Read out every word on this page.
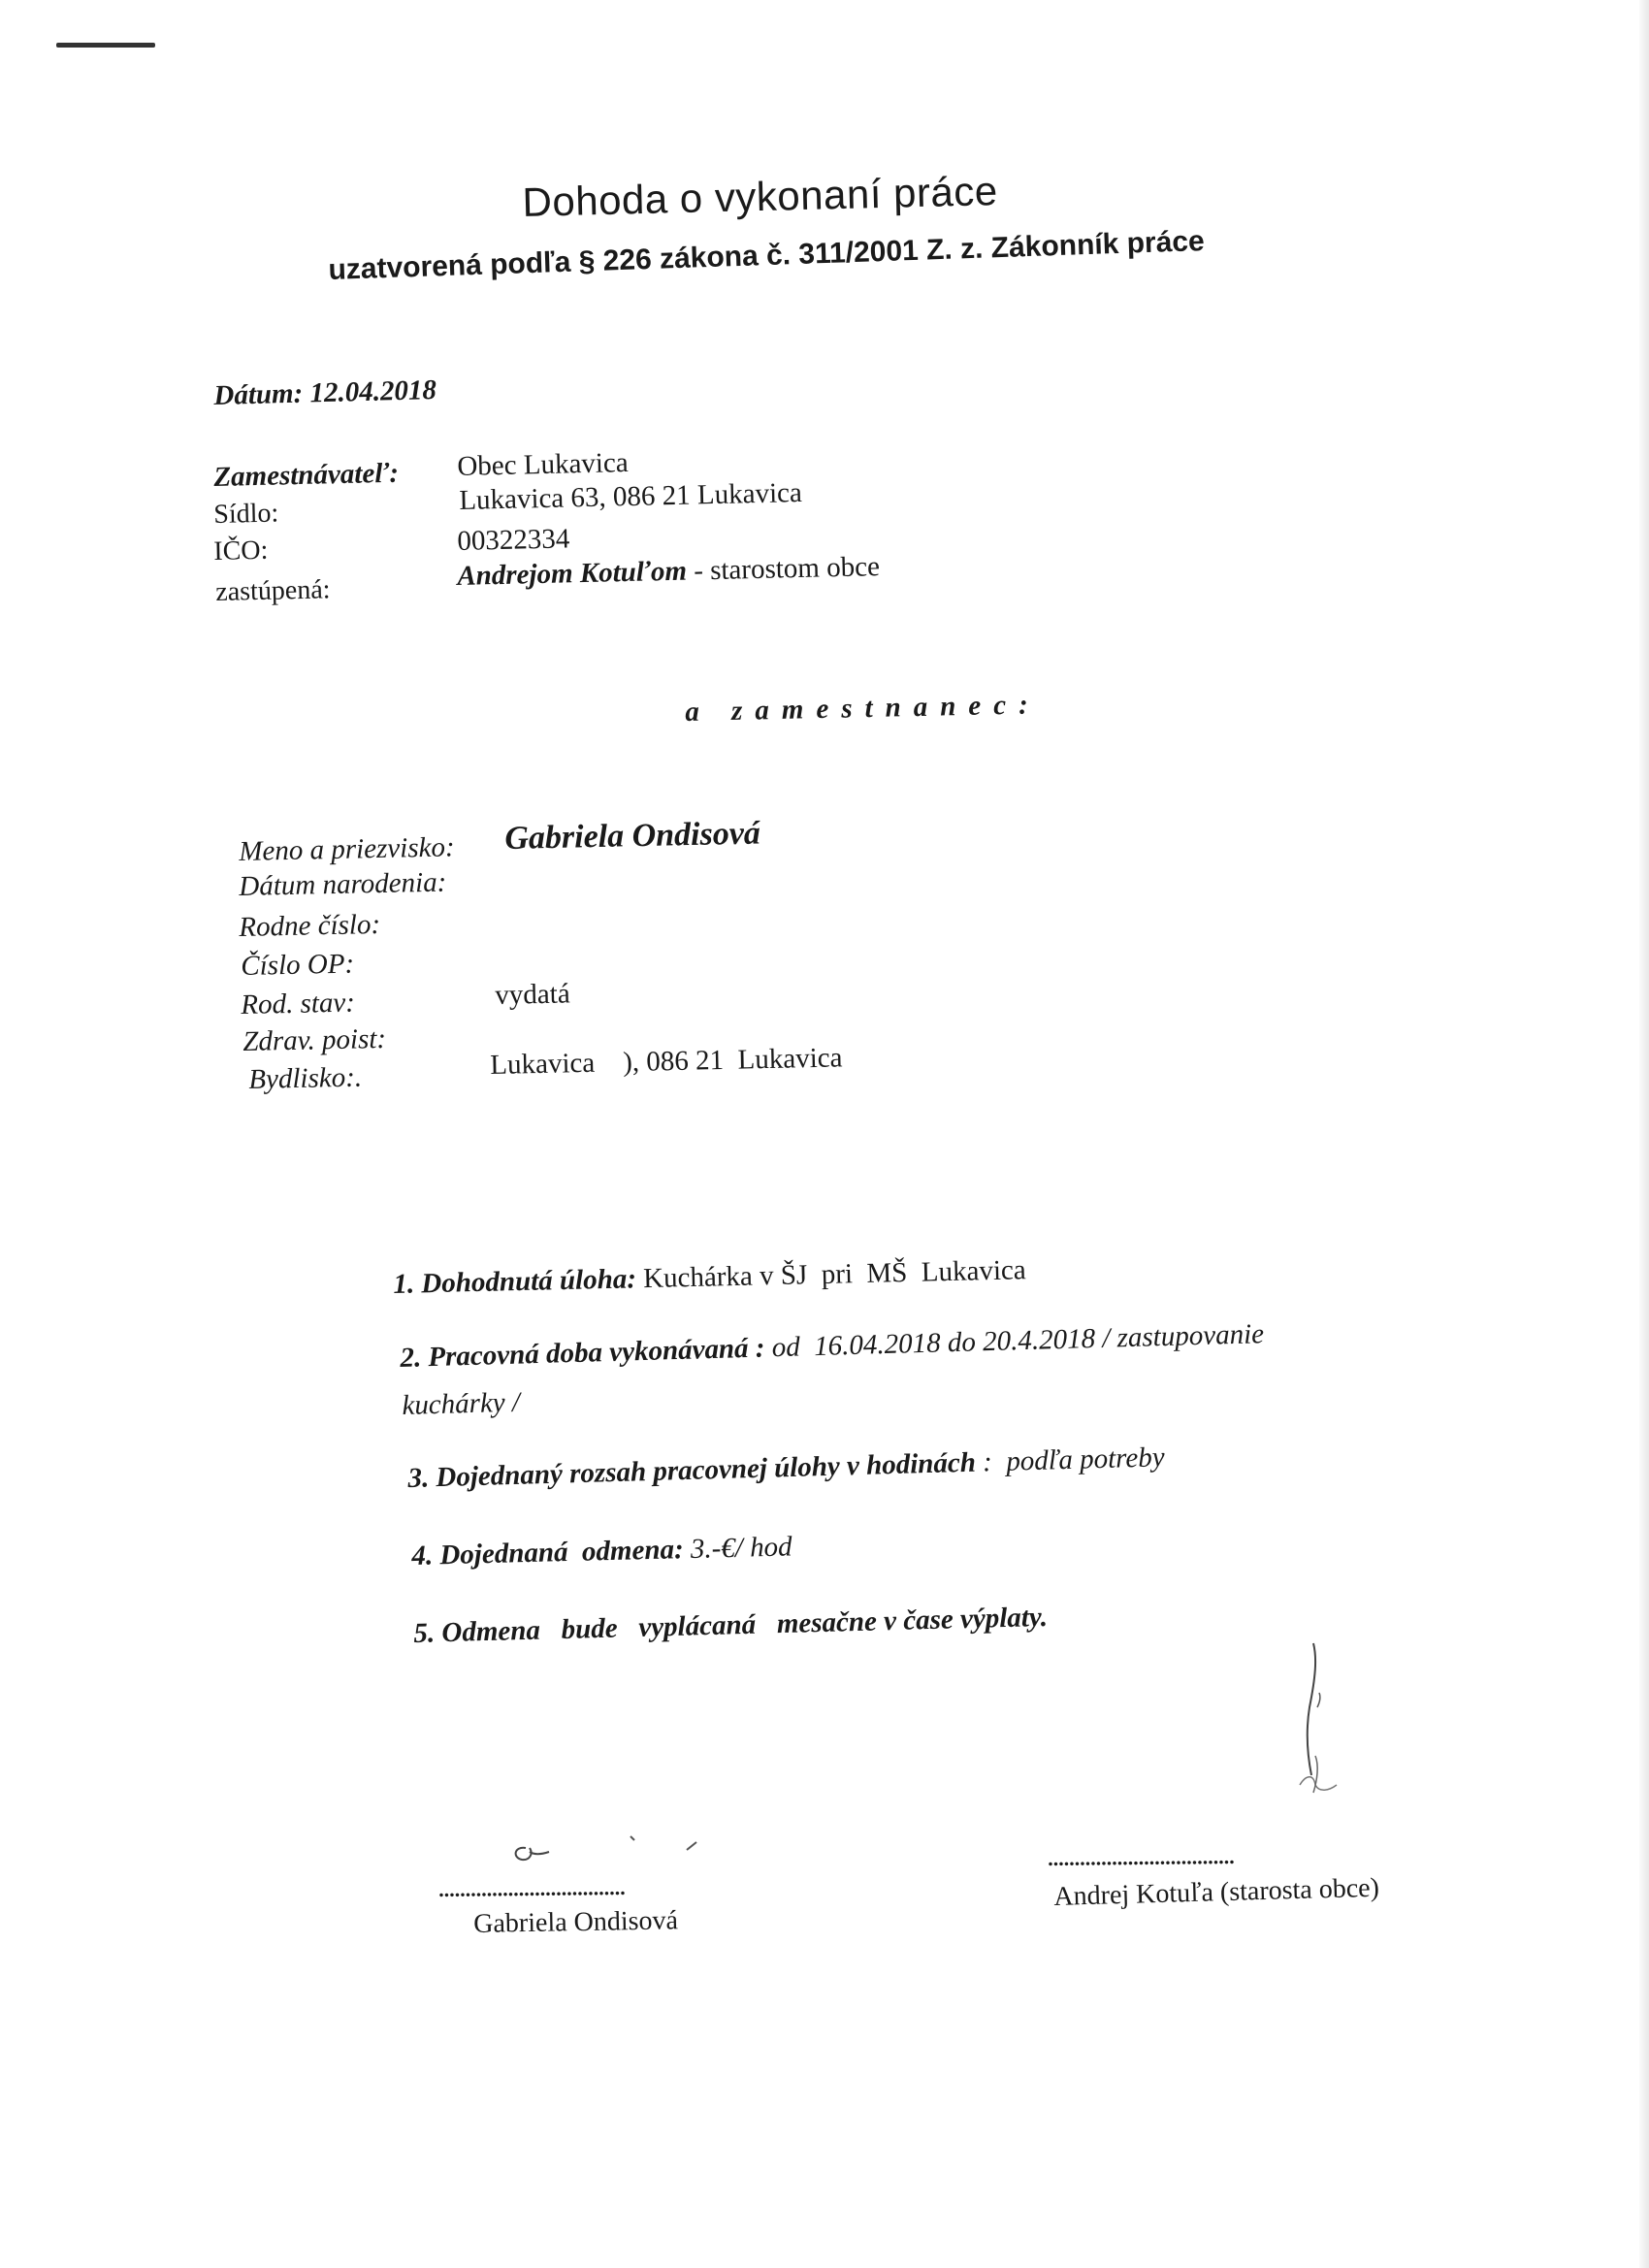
Dohoda o vykonaní práce
uzatvorená podľa § 226 zákona č. 311/2001 Z. z. Zákonník práce
Dátum: 12.04.2018
Zamestnávateľ: Obec Lukavica
Sídlo:	Lukavica 63, 086 21 Lukavica
IČO:	00322334
zastúpená:	Andrejom Kotuľom - starostom obce
a zamestnanec:
Meno a priezvisko: Gabriela Ondisová
Dátum narodenia:
Rodne číslo:
Číslo OP:
Rod. stav:	vydatá
Zdrav. poist:
Bydlisko:.	Lukavica    ), 086 21  Lukavica
1. Dohodnutá úloha: Kuchárka v ŠJ  pri  MŠ  Lukavica
2. Pracovná doba vykonávaná : od  16.04.2018 do 20.4.2018 / zastupovanie
kuchárky /
3. Dojednaný rozsah pracovnej úlohy v hodinách :  podľa potreby
4. Dojednaná  odmena: 3.-€/ hod
5. Odmena   bude   vyplácaná   mesačne v čase výplaty.
...................................
Gabriela Ondisová
...................................
Andrej Kotuľa (starosta obce)
